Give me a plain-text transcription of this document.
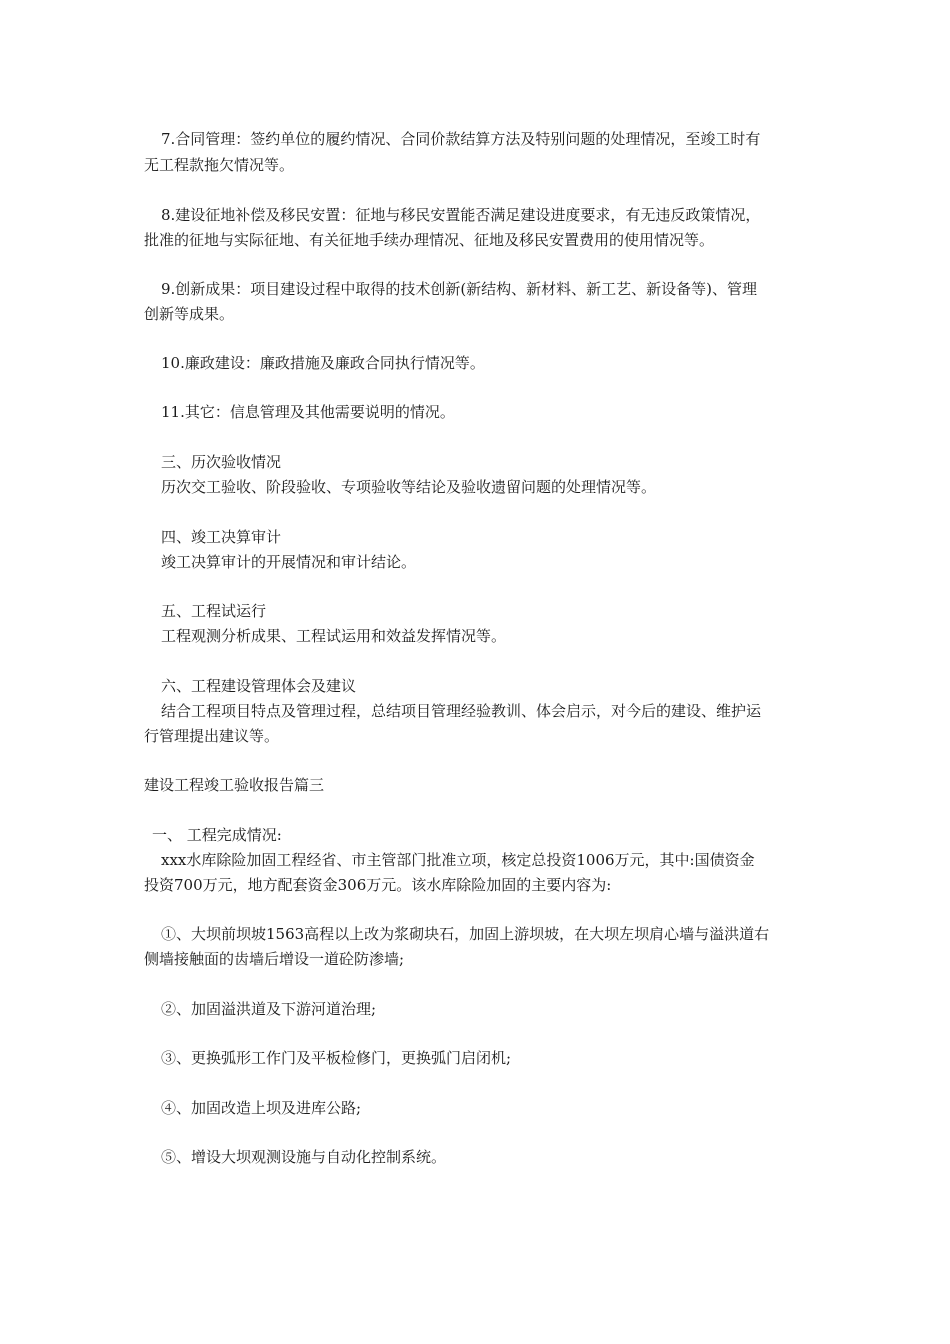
7.合同管理：签约单位的履约情况、合同价款结算方法及特别问题的处理情况，至竣工时有
无工程款拖欠情况等。
8.建设征地补偿及移民安置：征地与移民安置能否满足建设进度要求，有无违反政策情况，
批准的征地与实际征地、有关征地手续办理情况、征地及移民安置费用的使用情况等。
9.创新成果：项目建设过程中取得的技术创新(新结构、新材料、新工艺、新设备等)、管理
创新等成果。
10.廉政建设：廉政措施及廉政合同执行情况等。
11.其它：信息管理及其他需要说明的情况。
三、历次验收情况
历次交工验收、阶段验收、专项验收等结论及验收遗留问题的处理情况等。
四、竣工决算审计
竣工决算审计的开展情况和审计结论。
五、工程试运行
工程观测分析成果、工程试运用和效益发挥情况等。
六、工程建设管理体会及建议
结合工程项目特点及管理过程，总结项目管理经验教训、体会启示，对今后的建设、维护运
行管理提出建议等。
建设工程竣工验收报告篇三
一、 工程完成情况:
xxx水库除险加固工程经省、市主管部门批准立项，核定总投资1006万元，其中:国债资金
投资700万元，地方配套资金306万元。该水库除险加固的主要内容为:
①、大坝前坝坡1563高程以上改为浆砌块石，加固上游坝坡，在大坝左坝肩心墙与溢洪道右
侧墙接触面的齿墙后增设一道砼防渗墙;
②、加固溢洪道及下游河道治理;
③、更换弧形工作门及平板检修门，更换弧门启闭机;
④、加固改造上坝及进库公路;
⑤、增设大坝观测设施与自动化控制系统。
